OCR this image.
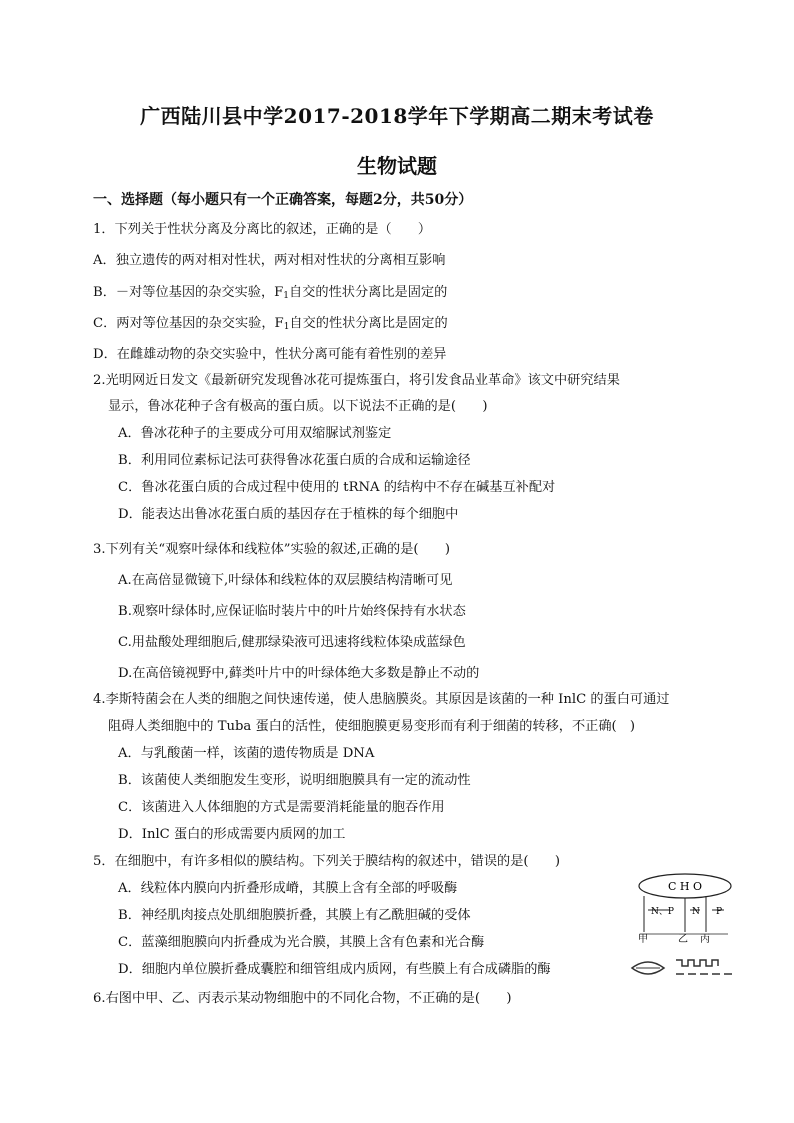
广西陆川县中学2017-2018学年下学期高二期末考试卷
生物试题
一、选择题（每小题只有一个正确答案，每题2分，共50分）
1．下列关于性状分离及分离比的叙述，正确的是（　　）
A．独立遗传的两对相对性状，两对相对性状的分离相互影响
B．－对等位基因的杂交实验，$F_1$自交的性状分离比是固定的
C．两对等位基因的杂交实验，$F_1$自交的性状分离比是固定的
D．在雌雄动物的杂交实验中，性状分离可能有着性别的差异
2.光明网近日发文《最新研究发现鲁冰花可提炼蛋白，将引发食品业革命》该文中研究结果
显示，鲁冰花种子含有极高的蛋白质。以下说法不正确的是(　　)
A．鲁冰花种子的主要成分可用双缩脲试剂鉴定
B．利用同位素标记法可获得鲁冰花蛋白质的合成和运输途径
C．鲁冰花蛋白质的合成过程中使用的 tRNA 的结构中不存在碱基互补配对
D．能表达出鲁冰花蛋白质的基因存在于植株的每个细胞中
3.下列有关“观察叶绿体和线粒体”实验的叙述,正确的是(　　)
A.在高倍显微镜下,叶绿体和线粒体的双层膜结构清晰可见
B.观察叶绿体时,应保证临时装片中的叶片始终保持有水状态
C.用盐酸处理细胞后,健那绿染液可迅速将线粒体染成蓝绿色
D.在高倍镜视野中,藓类叶片中的叶绿体绝大多数是静止不动的
4.李斯特菌会在人类的细胞之间快速传递，使人患脑膜炎。其原因是该菌的一种 InlC 的蛋白可通过
阻碍人类细胞中的 Tuba 蛋白的活性，使细胞膜更易变形而有利于细菌的转移，不正确(　)
A．与乳酸菌一样，该菌的遗传物质是 DNA
B．该菌使人类细胞发生变形，说明细胞膜具有一定的流动性
C．该菌进入人体细胞的方式是需要消耗能量的胞吞作用
D．InlC 蛋白的形成需要内质网的加工
5．在细胞中，有许多相似的膜结构。下列关于膜结构的叙述中，错误的是(　　)
A．线粒体内膜向内折叠形成嵴，其膜上含有全部的呼吸酶
B．神经肌肉接点处肌细胞膜折叠，其膜上有乙酰胆碱的受体
C．蓝藻细胞膜向内折叠成为光合膜，其膜上含有色素和光合酶
D．细胞内单位膜折叠成囊腔和细管组成内质网，有些膜上有合成磷脂的酶
6.右图中甲、乙、丙表示某动物细胞中的不同化合物，不正确的是(　　)
C H O
N、P N P
甲	乙 丙
